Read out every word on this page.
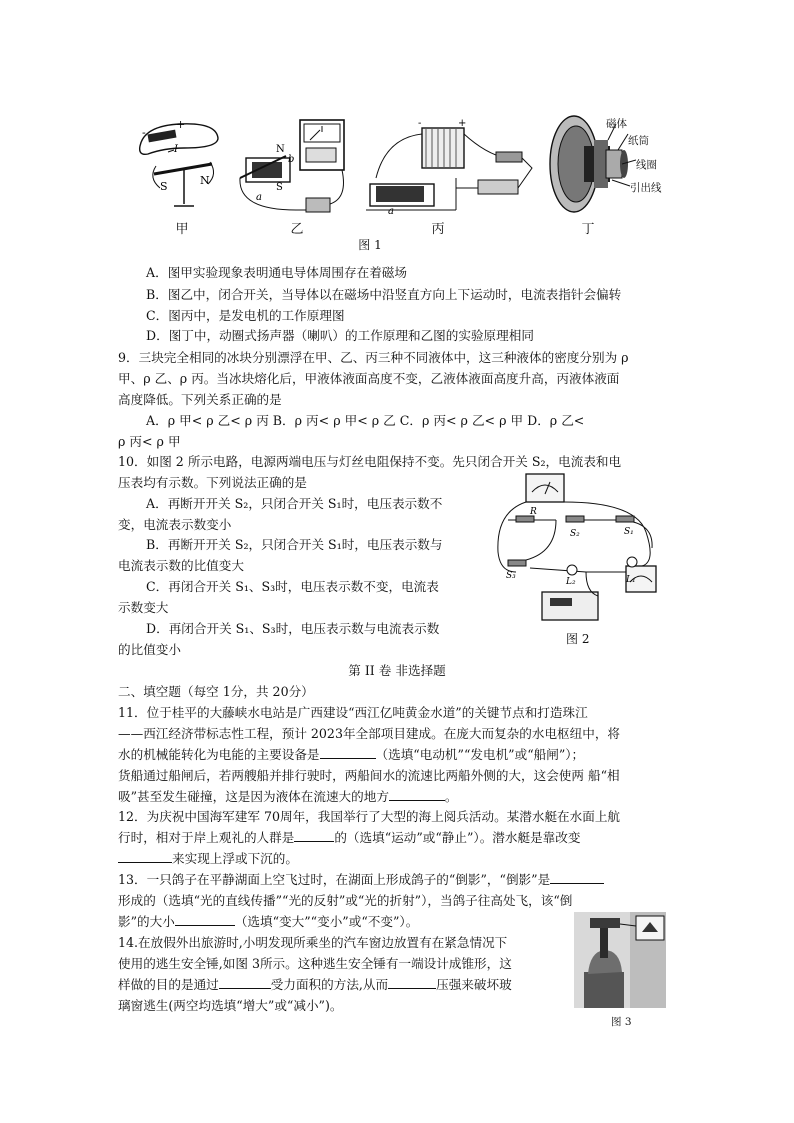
-
+
I
S	N
N
S
a
b
-	+
a
磁体
纸筒
线圈
引出线
甲	乙	丙	丁
图 1
A．图甲实验现象表明通电导体周围存在着磁场
B．图乙中，闭合开关，当导体以在磁场中沿竖直方向上下运动时，电流表指针会偏转
C．图丙中，是发电机的工作原理图
D．图丁中，动圈式扬声器（喇叭）的工作原理和乙图的实验原理相同
9．三块完全相同的冰块分别漂浮在甲、乙、丙三种不同液体中，这三种液体的密度分别为 ρ
甲、ρ 乙、ρ 丙。当冰块熔化后，甲液体液面高度不变，乙液体液面高度升高，丙液体液面
高度降低。下列关系正确的是
A．ρ 甲< ρ 乙< ρ 丙 B．ρ 丙< ρ 甲< ρ 乙 C．ρ 丙< ρ 乙< ρ 甲 D．ρ 乙<
ρ 丙< ρ 甲
10．如图 2 所示电路，电源两端电压与灯丝电阻保持不变。先只闭合开关 S₂，电流表和电
压表均有示数。下列说法正确的是
A．再断开开关 S₂，只闭合开关 S₁时，电压表示数不
变，电流表示数变小
B．再断开开关 S₂，只闭合开关 S₁时，电压表示数与
电流表示数的比值变大
C．再闭合开关 S₁、S₃时，电压表示数不变，电流表
示数变大
D．再闭合开关 S₁、S₃时，电压表示数与电流表示数
的比值变小
R
S₂	S₁
S₃
L₂	L₁
图 2
第 II 卷 非选择题
二、填空题（每空 1分，共 20分）
11．位于桂平的大藤峡水电站是广西建设“西江亿吨黄金水道”的关键节点和打造珠江
——西江经济带标志性工程，预计 2023年全部项目建成。在庞大而复杂的水电枢纽中，将
水的机械能转化为电能的主要设备是	（选填“电动机”“发电机”或“船闸”）；
货船通过船闸后，若两艘船并排行驶时，两船间水的流速比两船外侧的大，这会使两 船“相
吸”甚至发生碰撞，这是因为液体在流速大的地方	。
12．为庆祝中国海军建军 70周年，我国举行了大型的海上阅兵活动。某潜水艇在水面上航
行时，相对于岸上观礼的人群是	的（选填“运动”或“静止”）。潜水艇是靠改变
来实现上浮或下沉的。
13．一只鸽子在平静湖面上空飞过时，在湖面上形成鸽子的“倒影”，“倒影”是
形成的（选填“光的直线传播”“光的反射”或“光的折射”），当鸽子往高处飞，该“倒
影”的大小	（选填“变大”“变小”或“不变”）。
14.在放假外出旅游时,小明发现所乘坐的汽车窗边放置有在紧急情况下
使用的逃生安全锤,如图 3所示。这种逃生安全锤有一端设计成锥形，这
样做的目的是通过	受力面积的方法,从而	压强来破坏玻
璃窗逃生(两空均选填“增大”或“减小”)。
图 3
